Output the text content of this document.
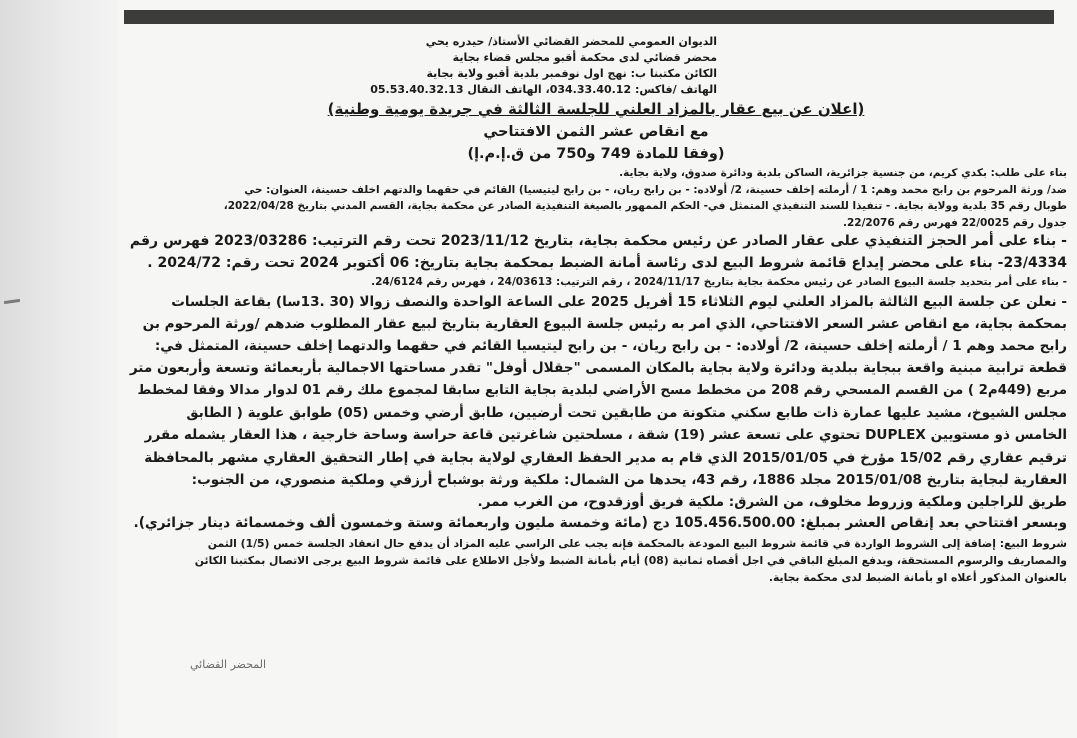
الديوان العمومي للمحضر القضائي الأستاذ/ حيدره يحي
محضر قضائي لدى محكمة أقبو مجلس قضاء بجاية
الكائن مكتبنا ب: نهج اول نوفمبر بلدية أقبو ولاية بجاية
الهاتف /فاكس: 034.33.40.12، الهاتف النقال 05.53.40.32.13
(اعلان عن بيع عقار بالمزاد العلني للجلسة الثالثة في جريدة يومية وطنية)
مع انقاص عشر الثمن الافتتاحي
(وفقا للمادة 749 و750 من ق.إ.م.إ)
بناء على طلب: بكدي كريم، من جنسية جزائرية، الساكن بلدية ودائرة صدوق، ولاية بجاية.
ضد/ ورثة المرحوم بن رابح محمد وهم: 1 / أرملته إخلف حسينة، 2/ أولاده: - بن رابح ريان، - بن رابح ليتيسيا) القائم في حقهما والدتهم اخلف حسينة، العنوان: حي
طوبال رقم 35 بلدية وولاية بجاية. - تنفيذا للسند التنفيذي المتمثل في- الحكم الممهور بالصيغة التنفيذية الصادر عن محكمة بجاية، القسم المدني بتاريخ 2022/04/28،
جدول رقم 22/0025 فهرس رقم 22/2076.
- بناء على أمر الحجز التنفيذي على عقار الصادر عن رئيس محكمة بجاية، بتاريخ 2023/11/12 تحت رقم الترتيب: 2023/03286 فهرس رقم
23/4334- بناء على محضر إيداع قائمة شروط البيع لدى رئاسة أمانة الضبط بمحكمة بجاية بتاريخ: 06 أكتوبر 2024 تحت رقم: 2024/72 .
- بناء على أمر بتحديد جلسة البيوع الصادر عن رئيس محكمة بجاية بتاريخ 2024/11/17 ، رقم الترتيب: 24/03613 ، فهرس رقم 24/6124.
- نعلن عن جلسة البيع الثالثة بالمزاد العلني ليوم الثلاثاء 15 أفريل 2025 على الساعة الواحدة والنصف زوالا (30 .13سا) بقاعة الجلسات
بمحكمة بجاية، مع انقاص عشر السعر الافتتاحي، الذي امر به رئيس جلسة البيوع العقارية بتاريخ لبيع عقار المطلوب ضدهم /ورثة المرحوم بن
رابح محمد وهم 1 / أرملته إخلف حسينة، 2/ أولاده: - بن رابح ريان، - بن رابح ليتيسيا القائم في حقهما والدتهما إخلف حسينة، المتمثل في:
قطعة ترابية مبنية واقعة ببجاية ببلدية ودائرة ولاية بجاية بالمكان المسمى "جقلال أوفل" تقدر مساحتها الاجمالية بأربعمائة وتسعة وأربعون متر
مربع (449م2 ) من القسم المسحي رقم 208 من مخطط مسح الأراضي لبلدية بجاية التابع سابقا لمجموع ملك رقم 01 لدوار مدالا وفقا لمخطط
مجلس الشيوخ، مشيد عليها عمارة ذات طابع سكني متكونة من طابقين تحت أرضيين، طابق أرضي وخمس (05) طوابق علوية ( الطابق
الخامس ذو مستويين DUPLEX تحتوي على تسعة عشر (19) شقة ، مسلحتين شاغرتين قاعة حراسة وساحة خارجية ، هذا العقار يشمله مقرر
ترقيم عقاري رقم 15/02 مؤرخ في 2015/01/05 الذي قام به مدير الحفظ العقاري لولاية بجاية في إطار التحقيق العقاري مشهر بالمحافظة
العقارية لبجاية بتاريخ 2015/01/08 مجلد 1886، رقم 43، يحدها من الشمال: ملكية ورثة بوشباح أرزقي وملكية منصوري، من الجنوب:
طريق للراجلين وملكية وزروط مخلوف، من الشرق: ملكية فريق أوزقدوح، من الغرب ممر.
وبسعر افتتاحي بعد إنقاص العشر بمبلغ: 105.456.500.00 دج (مائة وخمسة مليون واربعمائة وستة وخمسون ألف وخمسمائة دينار جزائري).
شروط البيع: إضافة إلى الشروط الواردة في قائمة شروط البيع المودعة بالمحكمة فإنه يجب على الراسي عليه المزاد أن يدفع حال انعقاد الجلسة خمس (1/5) الثمن
والمصاريف والرسوم المستحقة، ويدفع المبلغ الباقي في اجل أقصاه ثمانية (08) أيام بأمانة الضبط ولأجل الاطلاع على قائمة شروط البيع يرجى الاتصال بمكتبنا الكائن
بالعنوان المذكور أعلاه او بأمانة الضبط لدى محكمة بجاية.
المحضر القضائي
